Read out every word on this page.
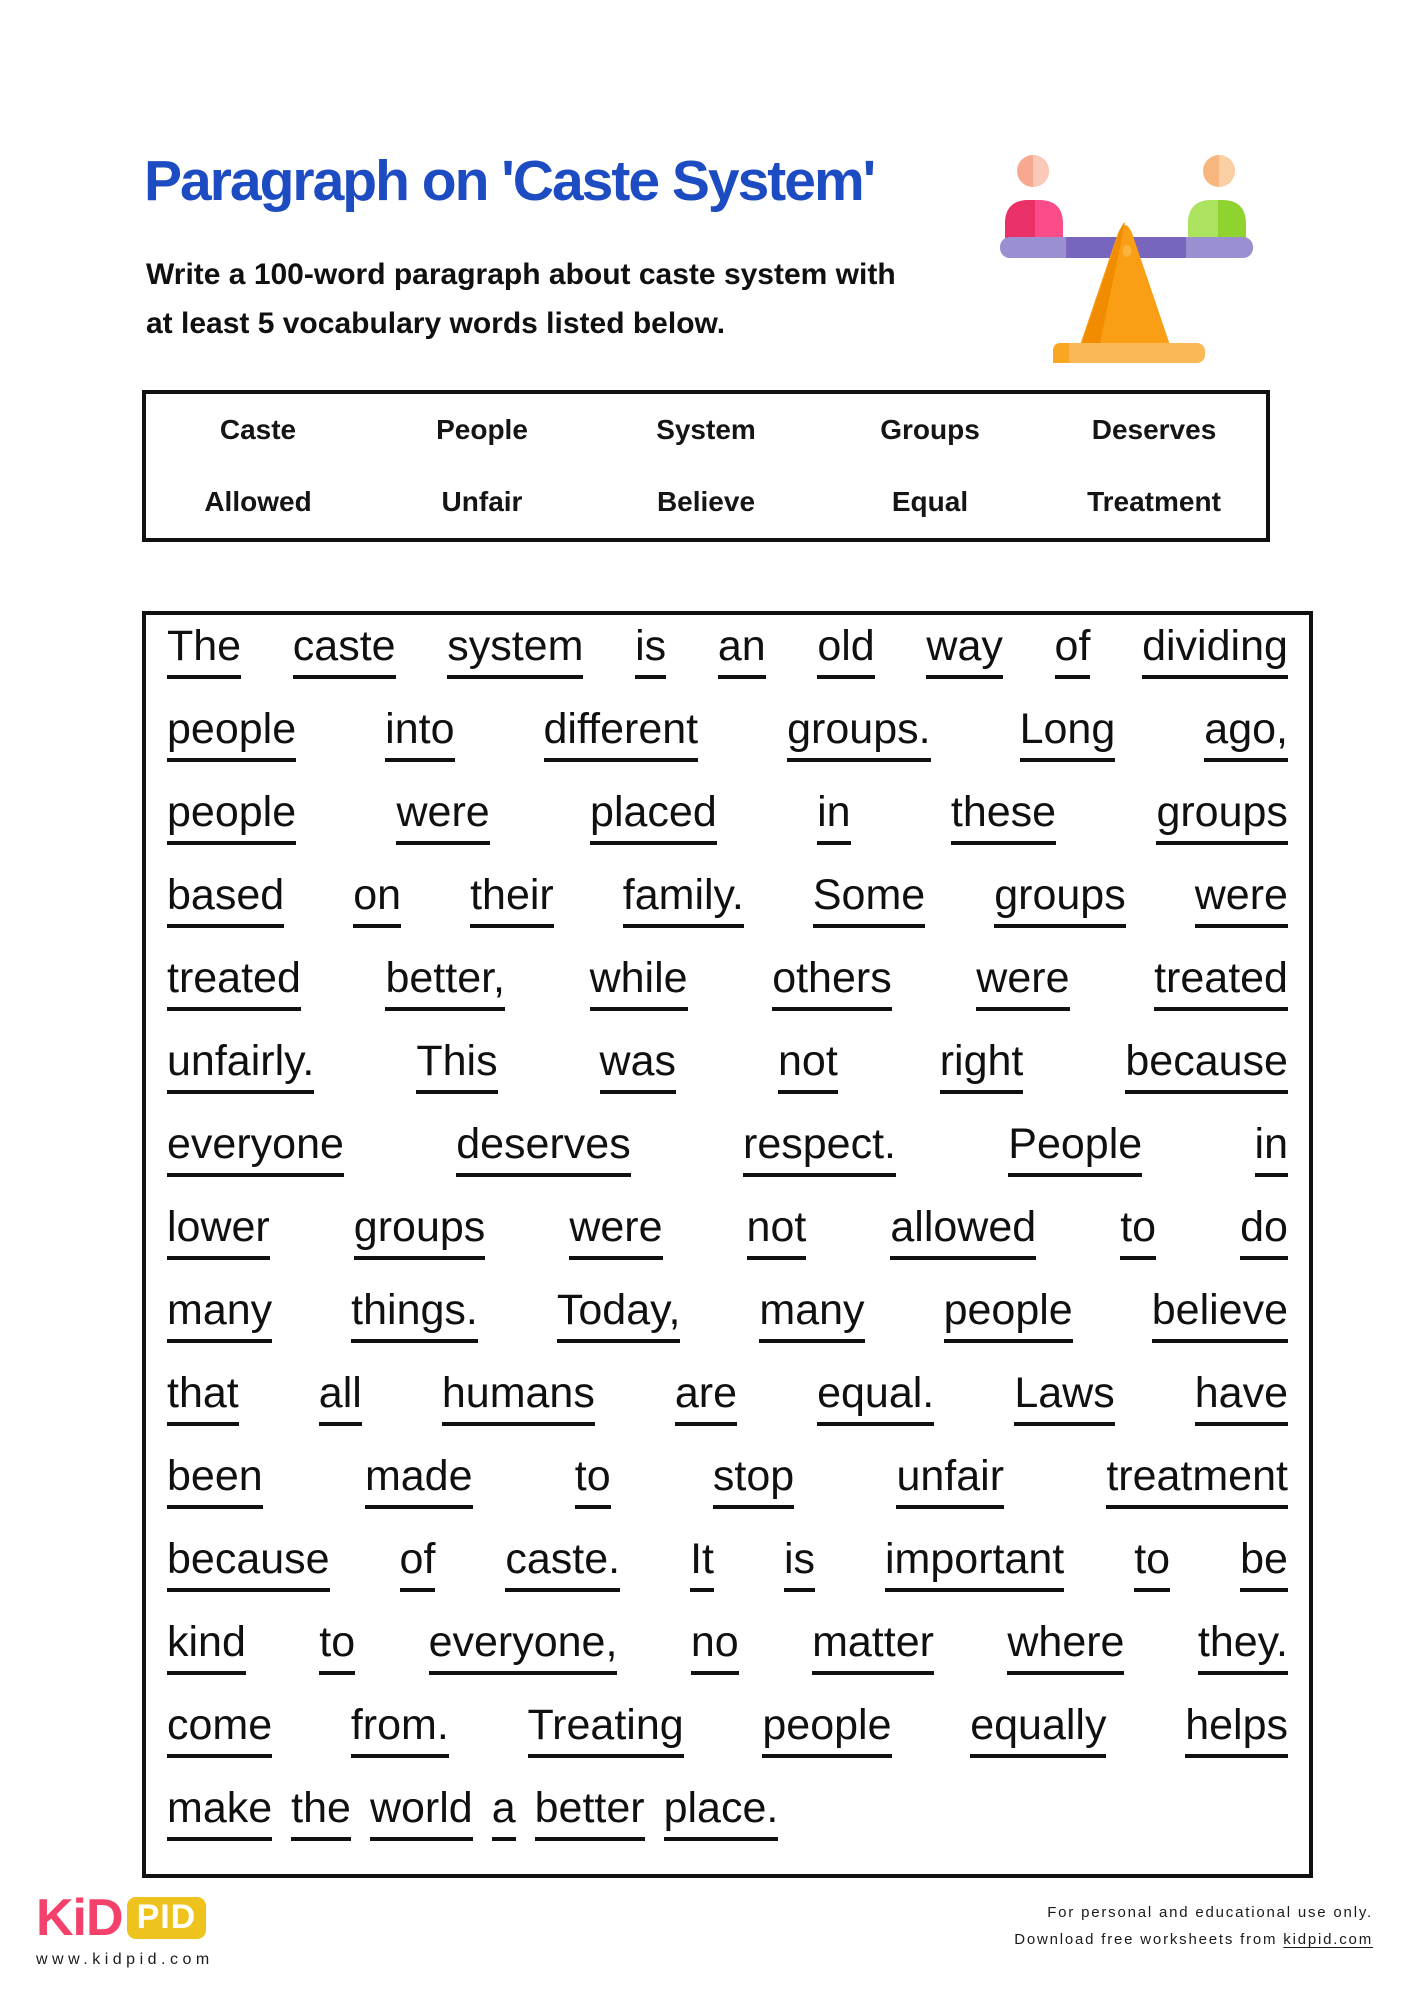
Paragraph on 'Caste System'
Write a 100-word paragraph about caste system with
at least 5 vocabulary words listed below.
Caste	People	System	Groups	Deserves
Allowed	Unfair	Believe	Equal	Treatment
The caste system is an old way of dividing
people into different groups. Long ago,
people were placed in these groups
based on their family. Some groups were
treated better, while others were treated
unfairly. This was not right because
everyone	deserves	respect.	People	in
lower groups were not allowed to do
many things. Today, many people believe
that all humans are equal. Laws have
been made to stop unfair treatment
because of caste. It is important to be
kind to everyone, no matter where they.
come from. Treating people equally helps
make the world a better place.
KiD PID
www.kidpid.com
For personal and educational use only.
Download free worksheets from kidpid.com
